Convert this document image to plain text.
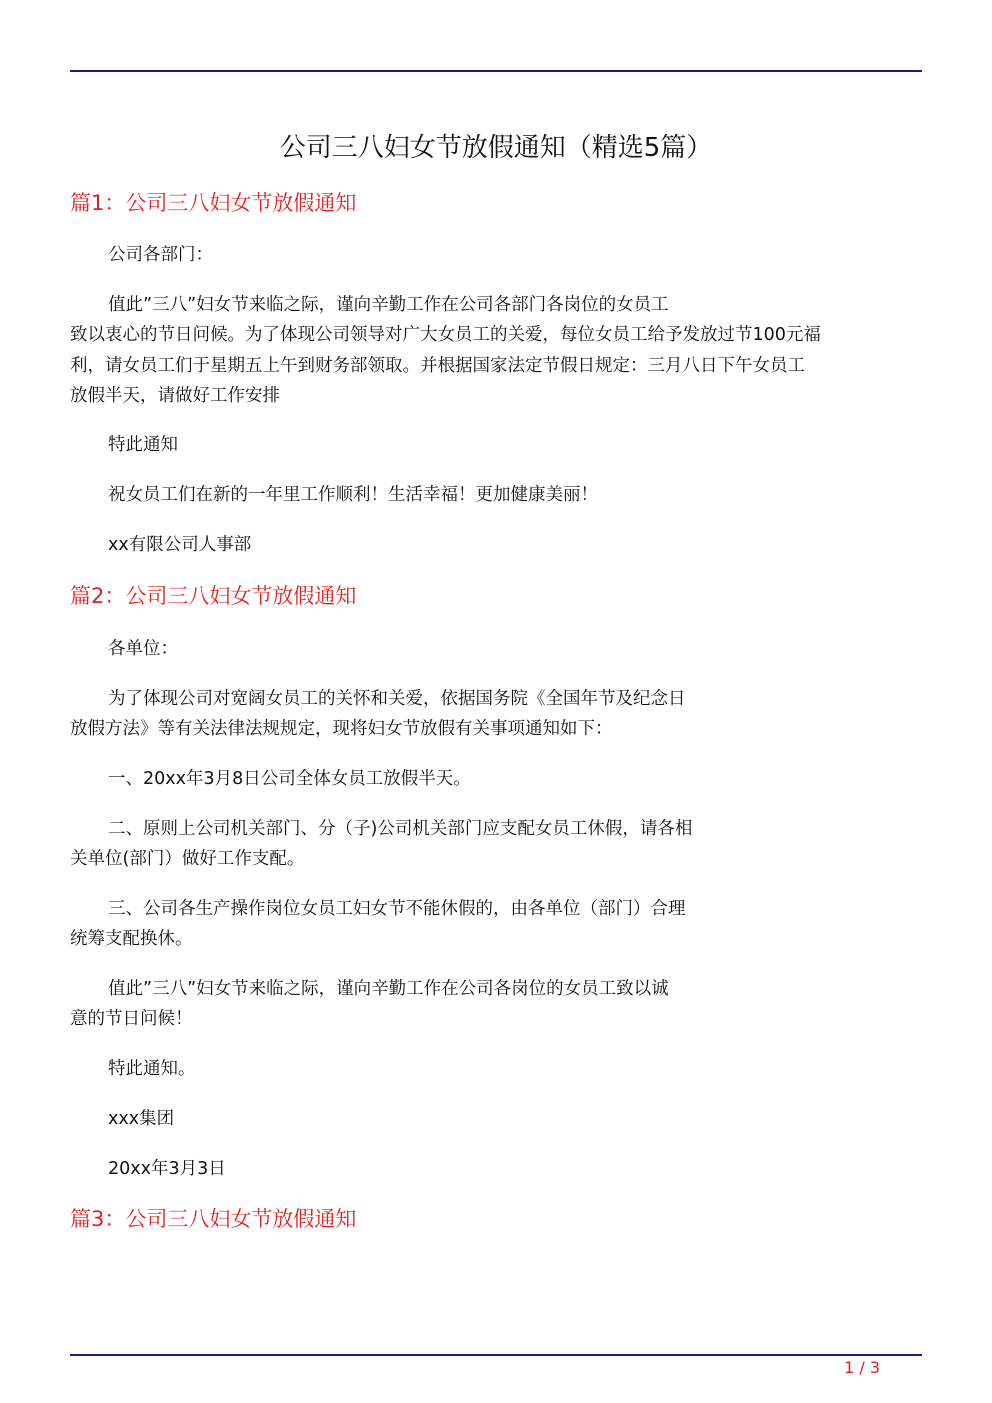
公司三八妇女节放假通知（精选5篇）
篇1：公司三八妇女节放假通知

公司各部门：

值此”三八”妇女节来临之际，谨向辛勤工作在公司各部门各岗位的女员工

致以衷心的节日问候。为了体现公司领导对广大女员工的关爱，每位女员工给予发放过节100元福

利，请女员工们于星期五上午到财务部领取。并根据国家法定节假日规定：三月八日下午女员工

放假半天，请做好工作安排

特此通知

祝女员工们在新的一年里工作顺利！生活幸福！更加健康美丽！

xx有限公司人事部

篇2：公司三八妇女节放假通知

各单位：

为了体现公司对宽阔女员工的关怀和关爱，依据国务院《全国年节及纪念日

放假方法》等有关法律法规规定，现将妇女节放假有关事项通知如下：

一、20xx年3月8日公司全体女员工放假半天。

二、原则上公司机关部门、分（子)公司机关部门应支配女员工休假，请各相

关单位(部门）做好工作支配。

三、公司各生产操作岗位女员工妇女节不能休假的，由各单位（部门）合理

统筹支配换休。

值此”三八”妇女节来临之际，谨向辛勤工作在公司各岗位的女员工致以诚

意的节日问候！

特此通知。

xxx集团

20xx年3月3日

篇3：公司三八妇女节放假通知
1 / 3
